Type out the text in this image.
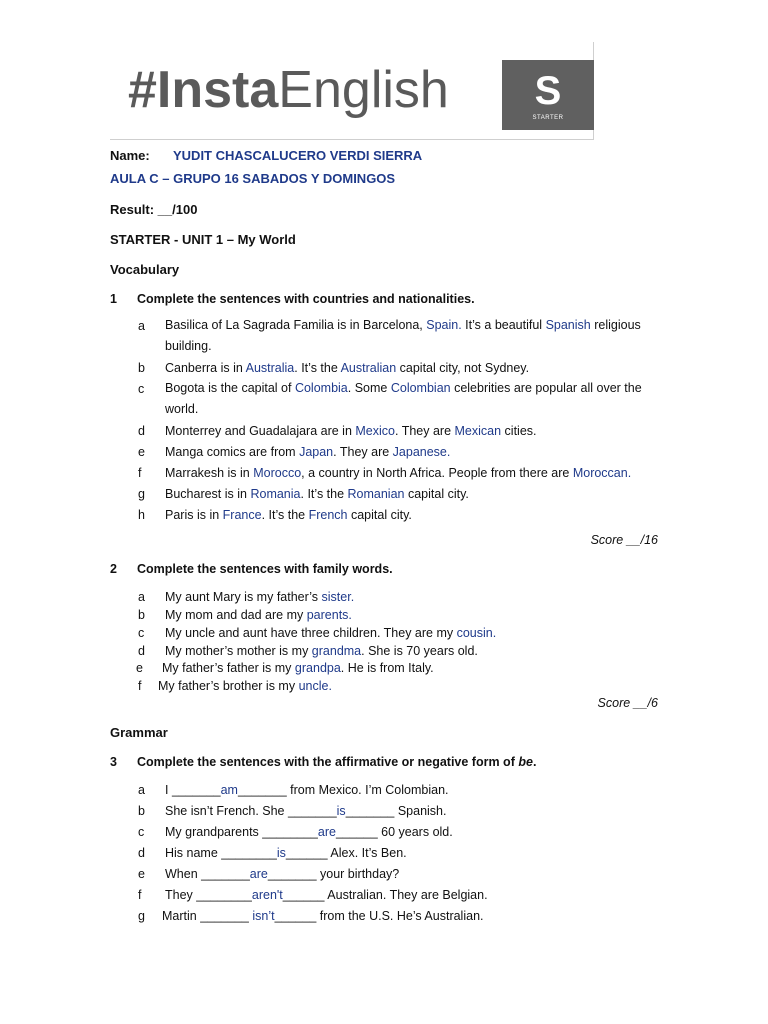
#InstaEnglish	S
STARTER
Name: YUDIT CHASCALUCERO VERDI SIERRA
AULA C – GRUPO 16 SABADOS Y DOMINGOS
Result: __/100
STARTER - UNIT 1 – My World
Vocabulary
1 Complete the sentences with countries and nationalities.
a Basilica of La Sagrada Familia is in Barcelona, Spain. It’s a beautiful Spanish religious building.
b Canberra is in Australia. It’s the Australian capital city, not Sydney.
c Bogota is the capital of Colombia. Some Colombian celebrities are popular all over the world.
d Monterrey and Guadalajara are in Mexico. They are Mexican cities.
e Manga comics are from Japan. They are Japanese.
f Marrakesh is in Morocco, a country in North Africa. People from there are Moroccan.
g Bucharest is in Romania. It’s the Romanian capital city.
h Paris is in France. It’s the French capital city.
Score __/16
2 Complete the sentences with family words.
a My aunt Mary is my father’s sister.
b My mom and dad are my parents.
c My uncle and aunt have three children. They are my cousin.
d My mother’s mother is my grandma. She is 70 years old.
e My father’s father is my grandpa. He is from Italy.
f My father’s brother is my uncle.
Score __/6
Grammar
3 Complete the sentences with the affirmative or negative form of be.
a I _______am_______ from Mexico. I’m Colombian.
b She isn’t French. She _______is_______ Spanish.
c My grandparents ________are______ 60 years old.
d His name ________is______ Alex. It’s Ben.
e When _______are_______ your birthday?
f They ________aren't______ Australian. They are Belgian.
g Martin _______ isn’t______ from the U.S. He’s Australian.
